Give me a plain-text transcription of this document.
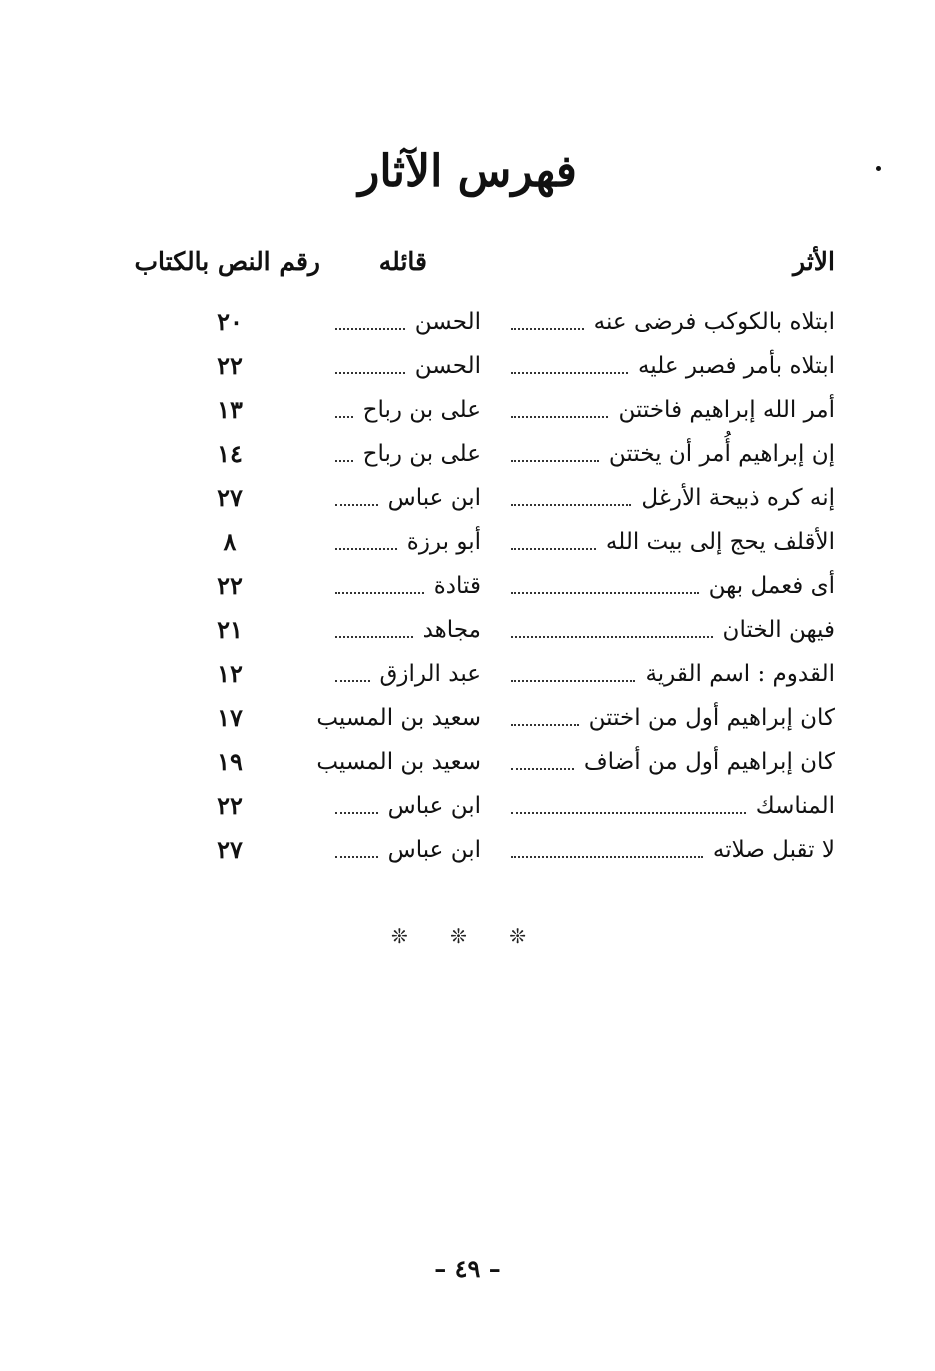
فهرس الآثار
الأثر
قائله
رقم النص بالكتاب
ابتلاه بالكوكب فرضى عنه
الحسن
٢٠
ابتلاه بأمر فصبر عليه
الحسن
٢٢
أمر الله إبراهيم فاختتن
على بن رباح
١٣
إن إبراهيم أُمر أن يختتن
على بن رباح
١٤
إنه كره ذبيحة الأرغل
ابن عباس
٢٧
الأقلف يحج إلى بيت الله
أبو برزة
٨
أى فعمل بهن
قتادة
٢٢
فيهن الختان
مجاهد
٢١
القدوم : اسم القرية
عبد الرازق
١٢
كان إبراهيم أول من اختتن
سعيد بن المسيب
١٧
كان إبراهيم أول من أضاف
سعيد بن المسيب
١٩
المناسك
ابن عباس
٢٢
لا تقبل صلاته
ابن عباس
٢٧
❊ ❊ ❊
– ٤٩ –
